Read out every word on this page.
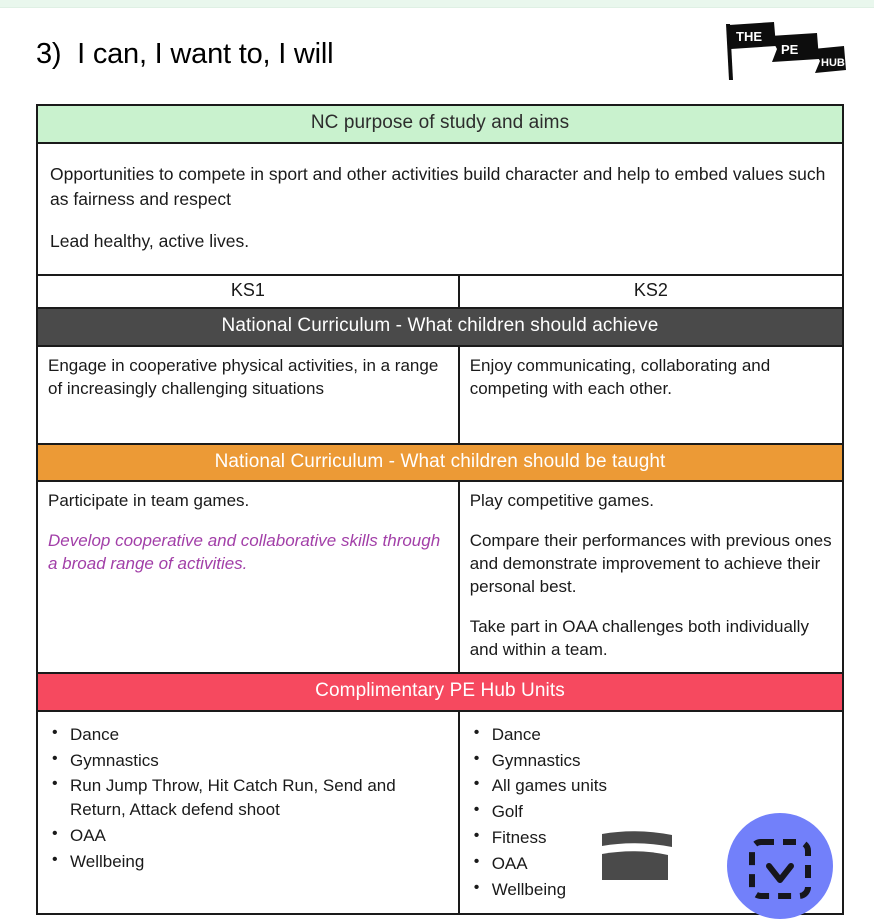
3)  I can, I want to, I will
THE
PE
HUB
NC purpose of study and aims

Opportunities to compete in sport and other activities build character and help to embed values such as fairness and respect

Lead healthy, active lives.

KS1	KS2
National Curriculum - What children should achieve

Engage in cooperative physical activities, in a range of increasingly challenging situations

Enjoy communicating, collaborating and competing with each other.

National Curriculum - What children should be taught

Participate in team games.

Develop cooperative and collaborative skills through a broad range of activities.

Play competitive games.

Compare their performances with previous ones and demonstrate improvement to achieve their personal best.

Take part in OAA challenges both individually and within a team.

Complimentary PE Hub Units
• Dance
• Gymnastics
• Run Jump Throw, Hit Catch Run, Send and Return, Attack defend shoot
• OAA
• Wellbeing
• Dance
• Gymnastics
• All games units
• Golf
• Fitness
• OAA
• Wellbeing
